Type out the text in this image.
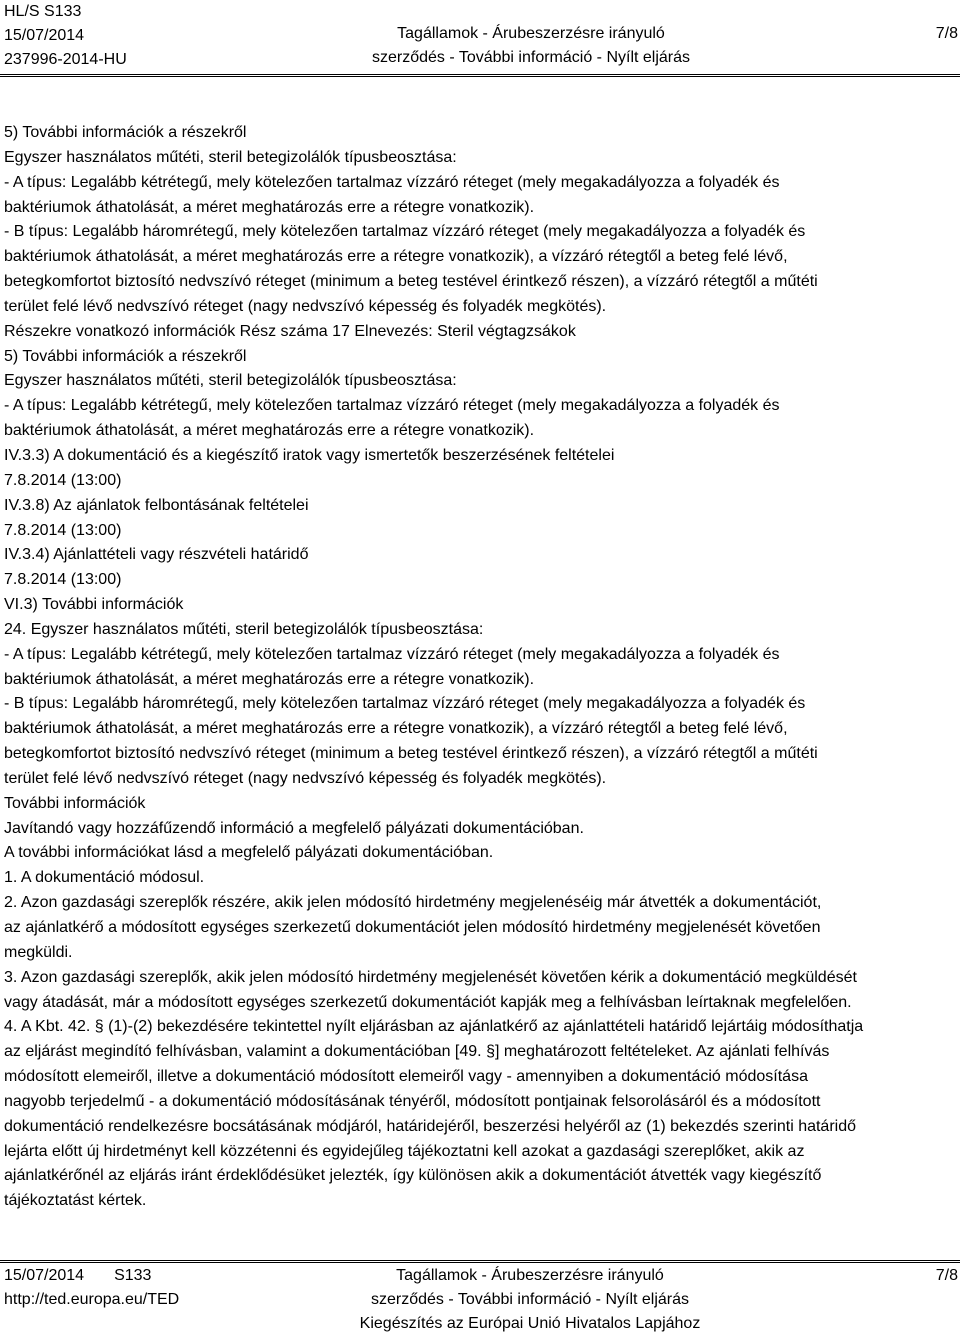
HL/S S133
15/07/2014
237996-2014-HU
Tagállamok - Árubeszerzésre irányuló
szerződés - További információ - Nyílt eljárás
7/8

5) További információk a részekről

Egyszer használatos műtéti, steril betegizolálók típusbeosztása:

- A típus: Legalább kétrétegű, mely kötelezően tartalmaz vízzáró réteget (mely megakadályozza a folyadék és

baktériumok áthatolását, a méret meghatározás erre a rétegre vonatkozik).

- B típus: Legalább háromrétegű, mely kötelezően tartalmaz vízzáró réteget (mely megakadályozza a folyadék és

baktériumok áthatolását, a méret meghatározás erre a rétegre vonatkozik), a vízzáró rétegtől a beteg felé lévő,

betegkomfortot biztosító nedvszívó réteget (minimum a beteg testével érintkező részen), a vízzáró rétegtől a műtéti

terület felé lévő nedvszívó réteget (nagy nedvszívó képesség és folyadék megkötés).

Részekre vonatkozó információk Rész száma 17 Elnevezés: Steril végtagzsákok

5) További információk a részekről

Egyszer használatos műtéti, steril betegizolálók típusbeosztása:

- A típus: Legalább kétrétegű, mely kötelezően tartalmaz vízzáró réteget (mely megakadályozza a folyadék és

baktériumok áthatolását, a méret meghatározás erre a rétegre vonatkozik).

IV.3.3) A dokumentáció és a kiegészítő iratok vagy ismertetők beszerzésének feltételei

7.8.2014 (13:00)

IV.3.8) Az ajánlatok felbontásának feltételei

7.8.2014 (13:00)

IV.3.4) Ajánlattételi vagy részvételi határidő

7.8.2014 (13:00)

VI.3) További információk

24. Egyszer használatos műtéti, steril betegizolálók típusbeosztása:

- A típus: Legalább kétrétegű, mely kötelezően tartalmaz vízzáró réteget (mely megakadályozza a folyadék és

baktériumok áthatolását, a méret meghatározás erre a rétegre vonatkozik).

- B típus: Legalább háromrétegű, mely kötelezően tartalmaz vízzáró réteget (mely megakadályozza a folyadék és

baktériumok áthatolását, a méret meghatározás erre a rétegre vonatkozik), a vízzáró rétegtől a beteg felé lévő,

betegkomfortot biztosító nedvszívó réteget (minimum a beteg testével érintkező részen), a vízzáró rétegtől a műtéti

terület felé lévő nedvszívó réteget (nagy nedvszívó képesség és folyadék megkötés).

További információk

Javítandó vagy hozzáfűzendő információ a megfelelő pályázati dokumentációban.

A további információkat lásd a megfelelő pályázati dokumentációban.

1. A dokumentáció módosul.

2. Azon gazdasági szereplők részére, akik jelen módosító hirdetmény megjelenéséig már átvették a dokumentációt,

az ajánlatkérő a módosított egységes szerkezetű dokumentációt jelen módosító hirdetmény megjelenését követően

megküldi.

3. Azon gazdasági szereplők, akik jelen módosító hirdetmény megjelenését követően kérik a dokumentáció megküldését

vagy átadását, már a módosított egységes szerkezetű dokumentációt kapják meg a felhívásban leírtaknak megfelelően.

4. A Kbt. 42. § (1)-(2) bekezdésére tekintettel nyílt eljárásban az ajánlatkérő az ajánlattételi határidő lejártáig módosíthatja

az eljárást megindító felhívásban, valamint a dokumentációban [49. §] meghatározott feltételeket. Az ajánlati felhívás

módosított elemeiről, illetve a dokumentáció módosított elemeiről vagy - amennyiben a dokumentáció módosítása

nagyobb terjedelmű - a dokumentáció módosításának tényéről, módosított pontjainak felsorolásáról és a módosított

dokumentáció rendelkezésre bocsátásának módjáról, határidejéről, beszerzési helyéről az (1) bekezdés szerinti határidő

lejárta előtt új hirdetményt kell közzétenni és egyidejűleg tájékoztatni kell azokat a gazdasági szereplőket, akik az

ajánlatkérőnél az eljárás iránt érdeklődésüket jelezték, így különösen akik a dokumentációt átvették vagy kiegészítő

tájékoztatást kértek.

15/07/2014 S133
http://ted.europa.eu/TED
Tagállamok - Árubeszerzésre irányuló
szerződés - További információ - Nyílt eljárás
Kiegészítés az Európai Unió Hivatalos Lapjához
7/8
